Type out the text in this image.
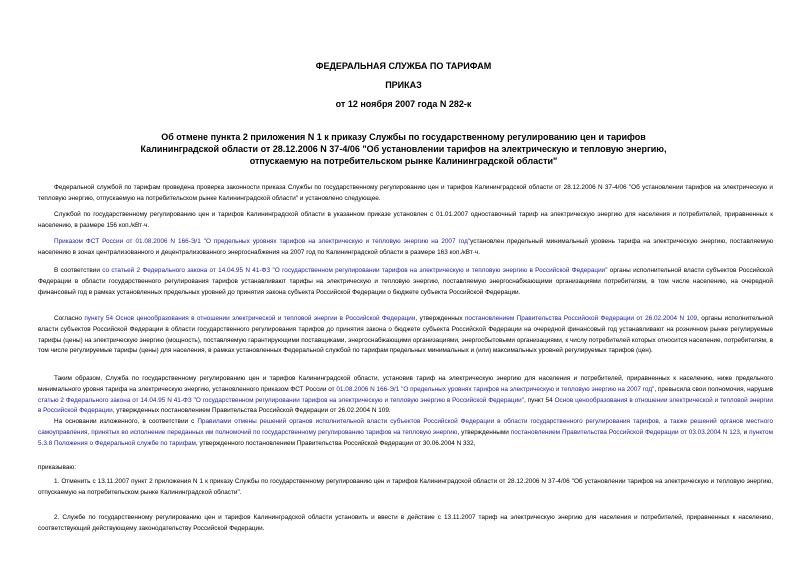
ФЕДЕРАЛЬНАЯ СЛУЖБА ПО ТАРИФАМ
ПРИКАЗ
от 12 ноября 2007 года N 282-к
Об отмене пункта 2 приложения N 1 к приказу Службы по государственному регулированию цен и тарифов
Калининградской области от 28.12.2006 N 37-4/06 "Об установлении тарифов на электрическую и тепловую энергию,
отпускаемую на потребительском рынке Калининградской области"

Федеральной службой по тарифам проведена проверка законности приказа Службы по государственному регулированию цен и тарифов Калининградской области от 28.12.2006 N 37-4/06 "Об установлении тарифов на электрическую и тепловую энергию, отпускаемую на потребительском рынке Калининградской области" и установлено следующее.

Службой по государственному регулированию цен и тарифов Калининградской области в указанном приказе установлен с 01.01.2007 одноставочный тариф на электрическую энергию для населения и потребителей, приравненных к населению, в размере 156 коп./кВт·ч.

Приказом ФСТ России от 01.08.2006 N 166-Э/1 "О предельных уровнях тарифов на электрическую и тепловую энергию на 2007 год"установлен предельный минимальный уровень тарифа на электрическую энергию, поставляемую населению в зонах централизованного и децентрализованного энергоснабжения на 2007 год по Калининградской области в размере 163 коп./кВт·ч.

В соответствии со статьей 2 Федерального закона от 14.04.95 N 41-ФЗ "О государственном регулировании тарифов на электрическую и тепловую энергию в Российской Федерации" органы исполнительной власти субъектов Российской Федерации в области государственного регулирования тарифов устанавливают тарифы на электрическую и тепловую энергию, поставляемую энергоснабжающими организациями потребителям, в том числе населению, на очередной финансовый год в рамках установленных предельных уровней до принятия закона субъекта Российской Федерации о бюджете субъекта Российской Федерации.

Согласно пункту 54 Основ ценообразования в отношении электрической и тепловой энергии в Российской Федерации, утвержденных постановлением Правительства Российской Федерации от 26.02.2004 N 109, органы исполнительной власти субъектов Российской Федерации в области государственного регулирования тарифов до принятия закона о бюджете субъекта Российской Федерации на очередной финансовый год устанавливают на розничном рынке регулируемые тарифы (цены) на электрическую энергию (мощность), поставляемую гарантирующими поставщиками, энергоснабжающими организациями, энергосбытовыми организациями, к числу потребителей которых относится население, потребителям, в том числе регулируемые тарифы (цены) для населения, в рамках установленных Федеральной службой по тарифам предельных минимальных и (или) максимальных уровней регулируемых тарифов (цен).

Таким образом, Служба по государственному регулированию цен и тарифов Калининградской области, установив тариф на электрическую энергию для населения и потребителей, приравненных к населению, ниже предельного минимального уровня тарифа на электрическую энергию, установленного приказом ФСТ России от 01.08.2006 N 166-Э/1 "О предельных уровнях тарифов на электрическую и тепловую энергию на 2007 год", превысила свои полномочия, нарушив статью 2 Федерального закона от 14.04.95 N 41-ФЗ "О государственном регулировании тарифов на электрическую и тепловую энергию в Российской Федерации", пункт 54 Основ ценообразования в отношении электрической и тепловой энергии в Российской Федерации, утвержденных постановлением Правительства Российской Федерации от 26.02.2004 N 109.

На основании изложенного, в соответствии с Правилами отмены решений органов исполнительной власти субъектов Российской Федерации в области государственного регулирования тарифов, а также решений органов местного самоуправления, принятых во исполнение переданных им полномочий по государственному регулированию тарифов на тепловую энергию, утвержденными постановлением Правительства Российской Федерации от 03.03.2004 N 123, и пунктом 5.3.8 Положения о Федеральной службе по тарифам, утвержденного постановлением Правительства Российской Федерации от 30.06.2004 N 332,

приказываю:

1. Отменить с 13.11.2007 пункт 2 приложения N 1 к приказу Службы по государственному регулированию цен и тарифов Калининградской области от 28.12.2006 N 37-4/06 "Об установлении тарифов на электрическую и тепловую энергию, отпускаемую на потребительском рынке Калининградской области".

2. Службе по государственному регулированию цен и тарифов Калининградской области установить и ввести в действие с 13.11.2007 тариф на электрическую энергию для населения и потребителей, приравненных к населению, соответствующий действующему законодательству Российской Федерации.
